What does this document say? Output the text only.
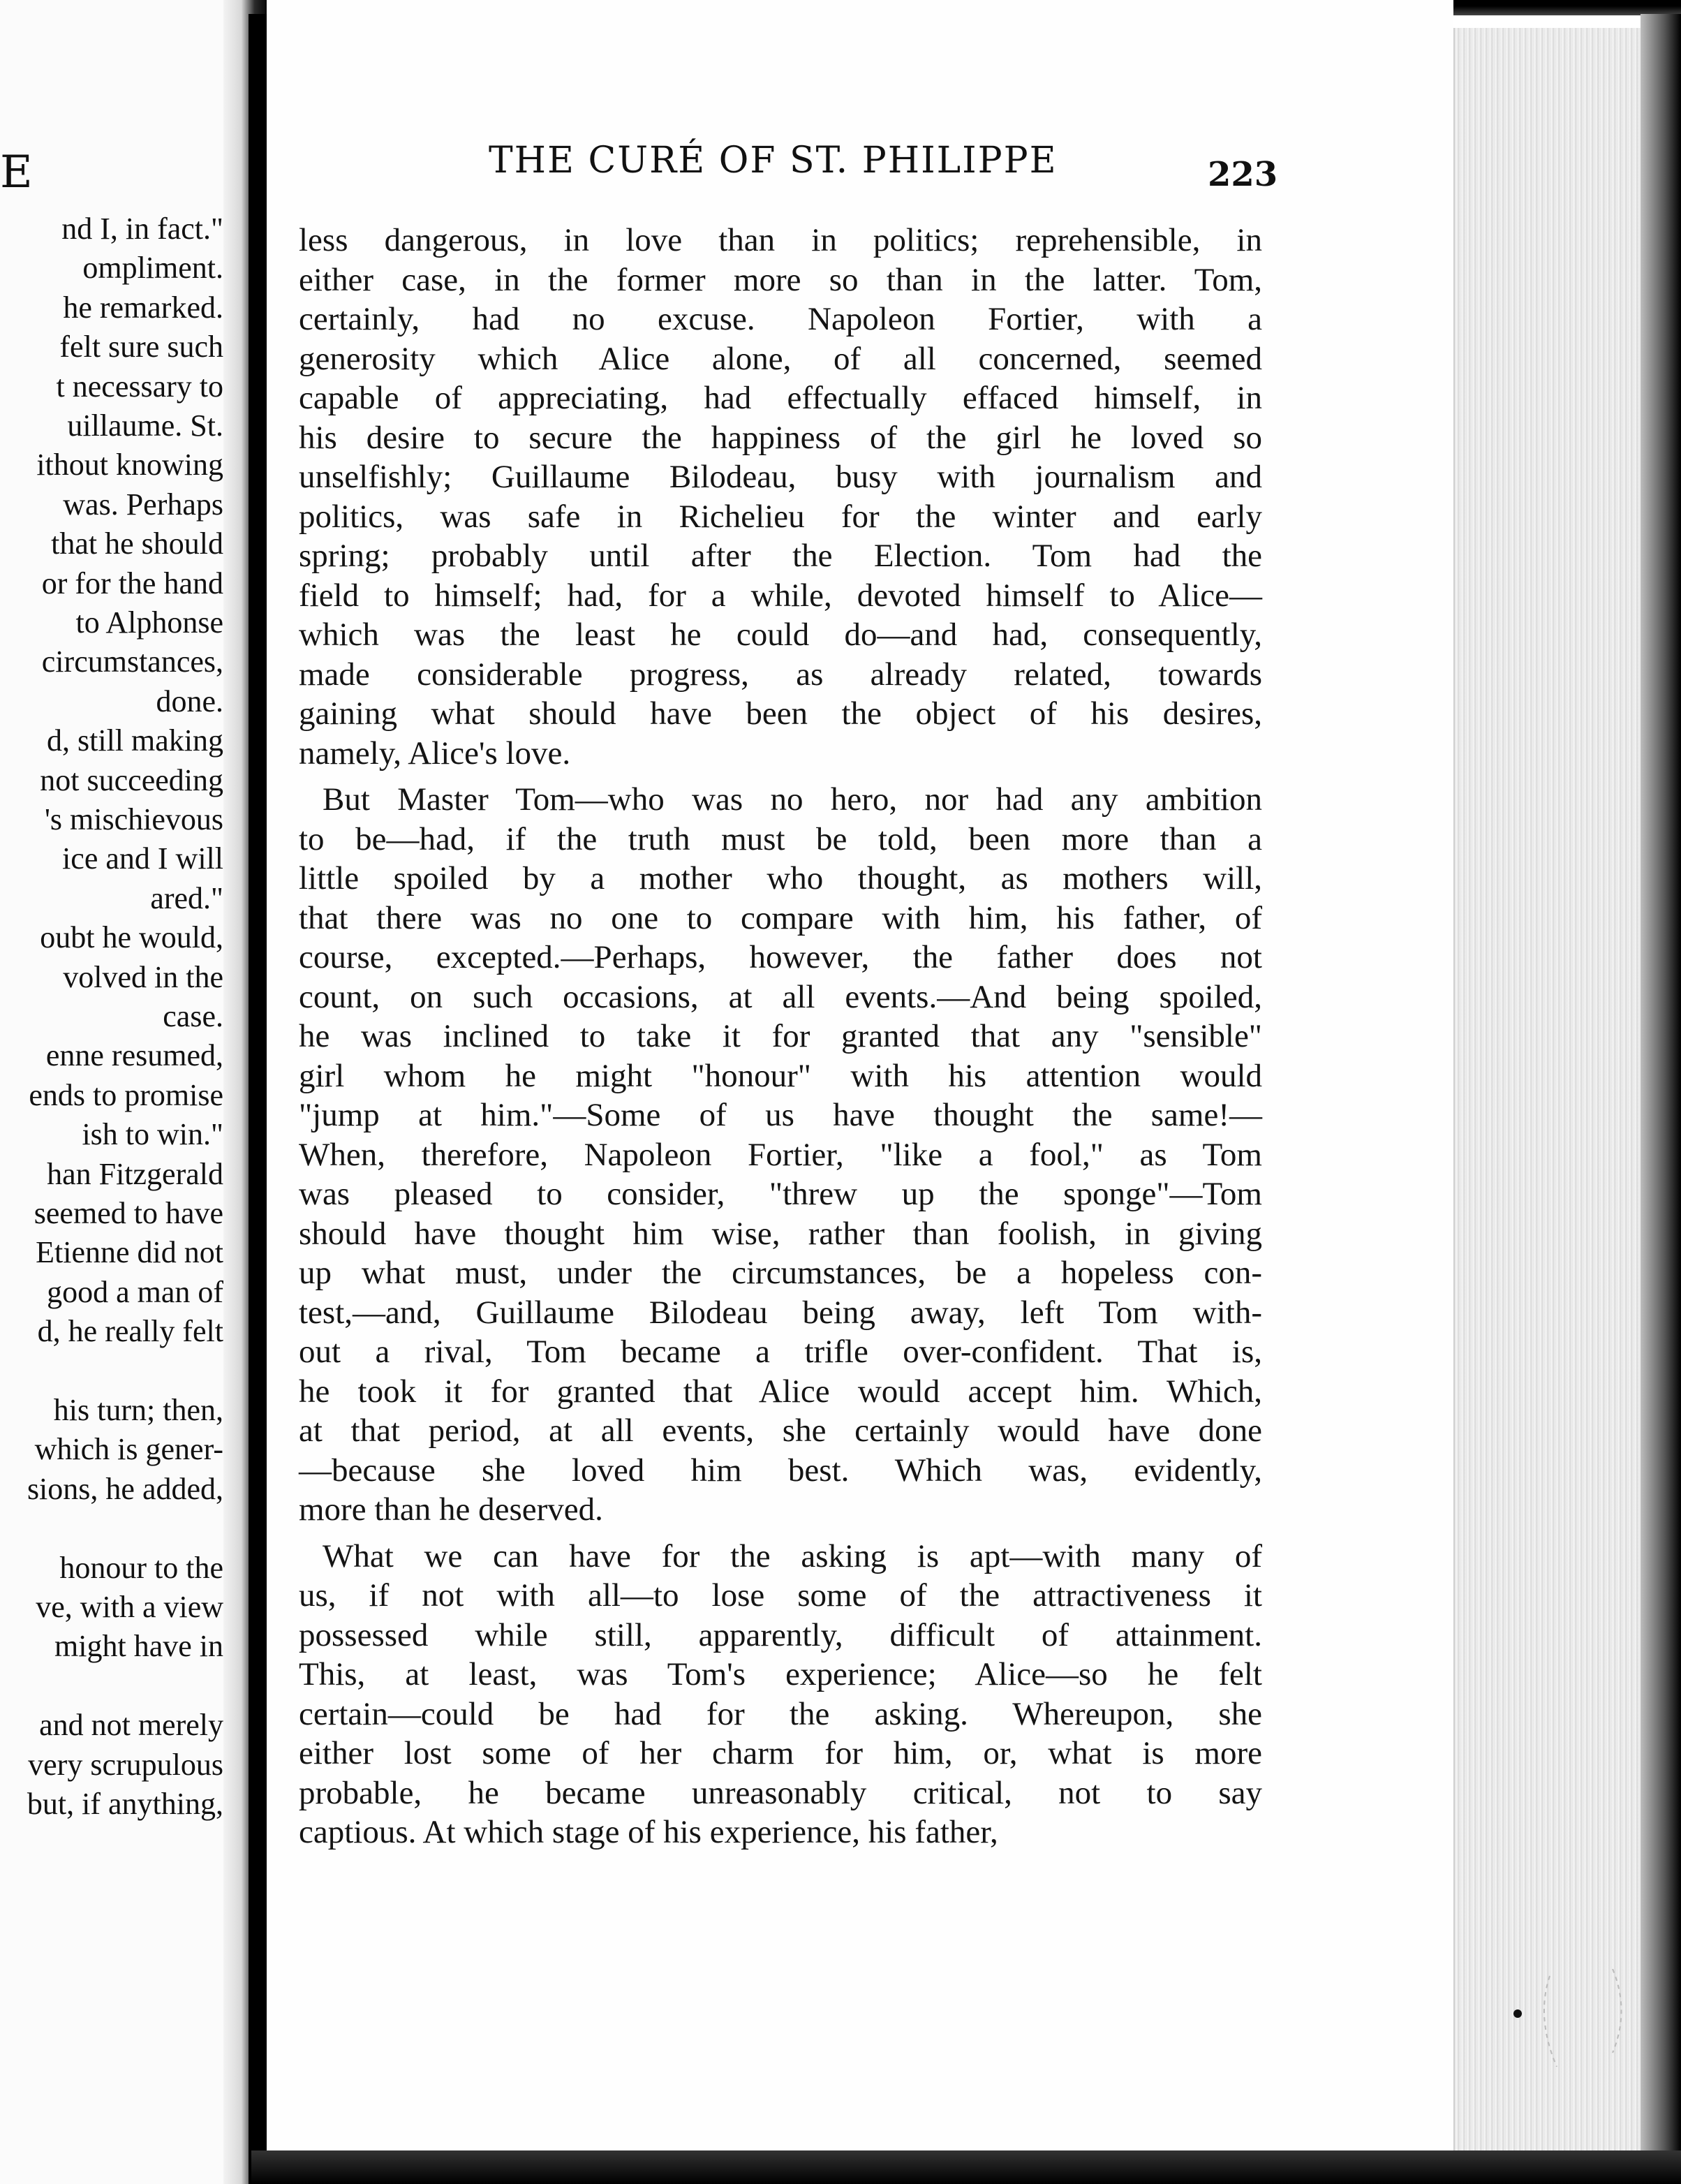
E
nd I, in fact."
ompliment.
he remarked.
felt sure such
t necessary to
uillaume. St.
ithout knowing
was. Perhaps
that he should
or for the hand
to Alphonse
circumstances,
done.
d, still making
not succeeding
's mischievous
ice and I will
ared."
oubt he would,
volved in the
case.
enne resumed,
ends to promise
ish to win."
han Fitzgerald
seemed to have
Etienne did not
good a man of
d, he really felt
his turn; then,
which is gener-
sions, he added,
honour to the
ve, with a view
might have in
and not merely
very scrupulous
but, if anything,
THE CURÉ OF ST. PHILIPPE	223
less dangerous, in love than in politics; reprehensible, in
either case, in the former more so than in the latter. Tom,
certainly, had no excuse. Napoleon Fortier, with a
generosity which Alice alone, of all concerned, seemed
capable of appreciating, had effectually effaced himself, in
his desire to secure the happiness of the girl he loved so
unselfishly; Guillaume Bilodeau, busy with journalism and
politics, was safe in Richelieu for the winter and early
spring; probably until after the Election. Tom had the
field to himself; had, for a while, devoted himself to Alice—
which was the least he could do—and had, consequently,
made considerable progress, as already related, towards
gaining what should have been the object of his desires,
namely, Alice's love.
But Master Tom—who was no hero, nor had any ambition
to be—had, if the truth must be told, been more than a
little spoiled by a mother who thought, as mothers will,
that there was no one to compare with him, his father, of
course, excepted.—Perhaps, however, the father does not
count, on such occasions, at all events.—And being spoiled,
he was inclined to take it for granted that any "sensible"
girl whom he might "honour" with his attention would
"jump at him."—Some of us have thought the same!—
When, therefore, Napoleon Fortier, "like a fool," as Tom
was pleased to consider, "threw up the sponge"—Tom
should have thought him wise, rather than foolish, in giving
up what must, under the circumstances, be a hopeless con-
test,—and, Guillaume Bilodeau being away, left Tom with-
out a rival, Tom became a trifle over-confident. That is,
he took it for granted that Alice would accept him. Which,
at that period, at all events, she certainly would have done
—because she loved him best. Which was, evidently,
more than he deserved.
What we can have for the asking is apt—with many of
us, if not with all—to lose some of the attractiveness it
possessed while still, apparently, difficult of attainment.
This, at least, was Tom's experience; Alice—so he felt
certain—could be had for the asking. Whereupon, she
either lost some of her charm for him, or, what is more
probable, he became unreasonably critical, not to say
captious. At which stage of his experience, his father,
